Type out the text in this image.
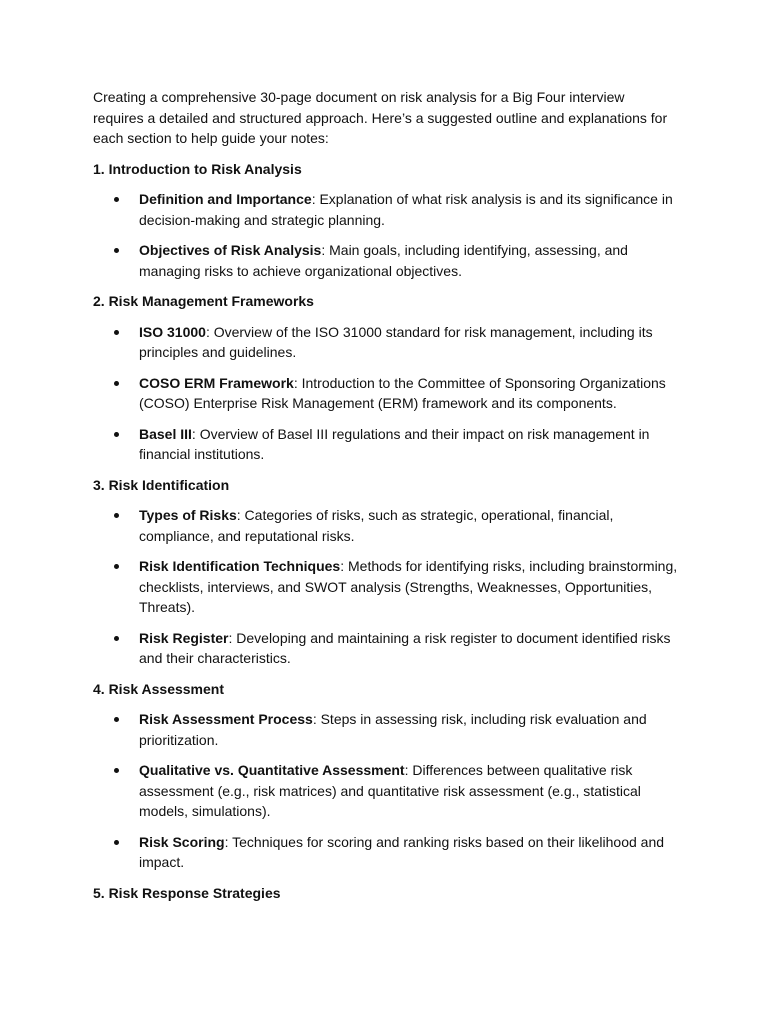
Creating a comprehensive 30-page document on risk analysis for a Big Four interview requires a detailed and structured approach. Here’s a suggested outline and explanations for each section to help guide your notes:

1. Introduction to Risk Analysis

Definition and Importance: Explanation of what risk analysis is and its significance in decision-making and strategic planning.
Objectives of Risk Analysis: Main goals, including identifying, assessing, and managing risks to achieve organizational objectives.

2. Risk Management Frameworks

ISO 31000: Overview of the ISO 31000 standard for risk management, including its principles and guidelines.
COSO ERM Framework: Introduction to the Committee of Sponsoring Organizations (COSO) Enterprise Risk Management (ERM) framework and its components.
Basel III: Overview of Basel III regulations and their impact on risk management in financial institutions.

3. Risk Identification

Types of Risks: Categories of risks, such as strategic, operational, financial, compliance, and reputational risks.
Risk Identification Techniques: Methods for identifying risks, including brainstorming, checklists, interviews, and SWOT analysis (Strengths, Weaknesses, Opportunities, Threats).
Risk Register: Developing and maintaining a risk register to document identified risks and their characteristics.

4. Risk Assessment

Risk Assessment Process: Steps in assessing risk, including risk evaluation and prioritization.
Qualitative vs. Quantitative Assessment: Differences between qualitative risk assessment (e.g., risk matrices) and quantitative risk assessment (e.g., statistical models, simulations).
Risk Scoring: Techniques for scoring and ranking risks based on their likelihood and impact.

5. Risk Response Strategies
